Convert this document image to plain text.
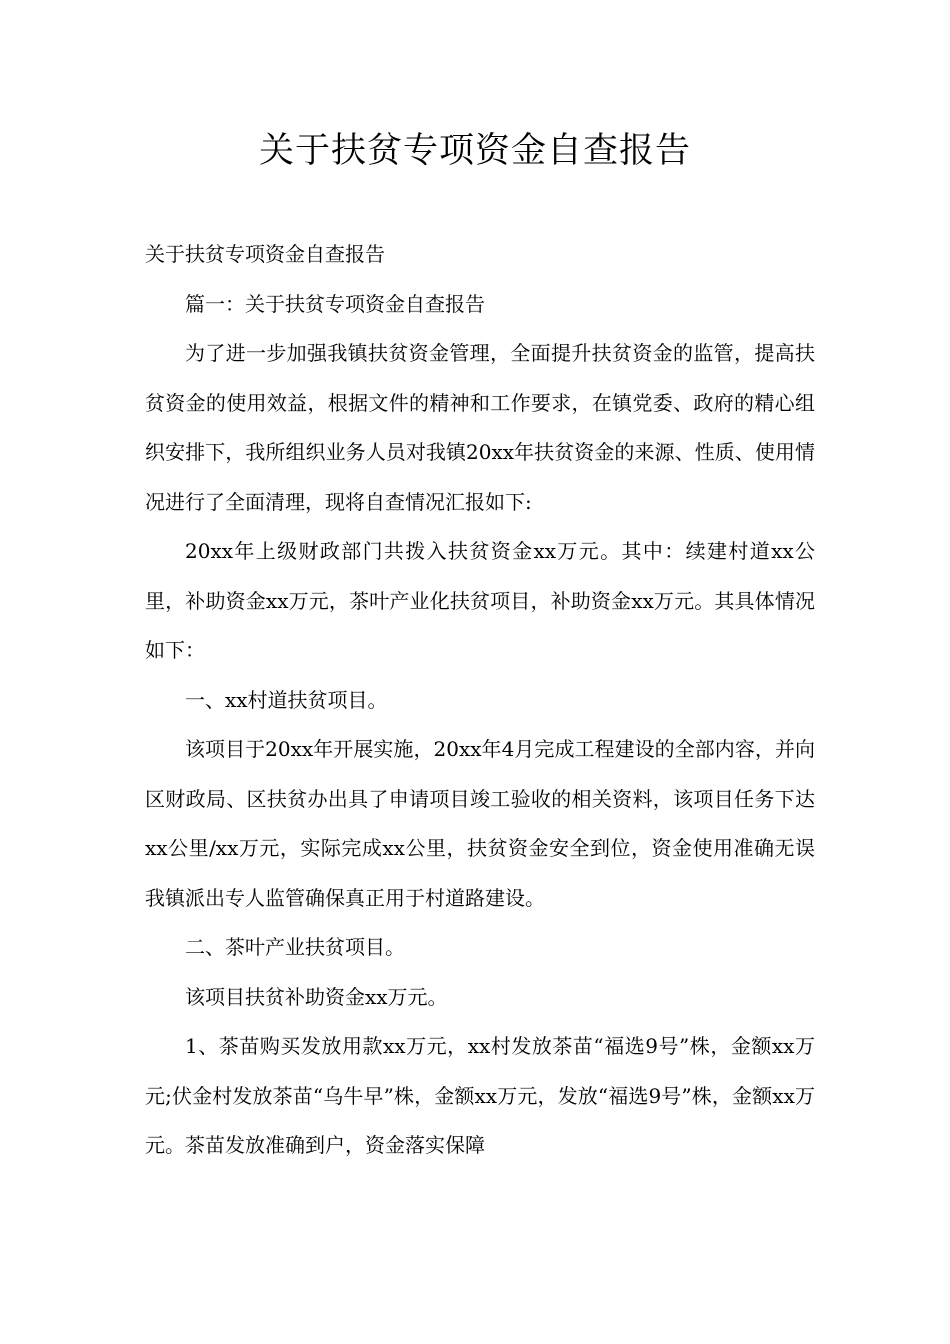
关于扶贫专项资金自查报告

关于扶贫专项资金自查报告

篇一：关于扶贫专项资金自查报告

为了进一步加强我镇扶贫资金管理，全面提升扶贫资金的监管，提高扶贫资金的使用效益，根据文件的精神和工作要求，在镇党委、政府的精心组织安排下，我所组织业务人员对我镇20xx年扶贫资金的来源、性质、使用情况进行了全面清理，现将自查情况汇报如下:

20xx年上级财政部门共拨入扶贫资金xx万元。其中：续建村道xx公里，补助资金xx万元，茶叶产业化扶贫项目，补助资金xx万元。其具体情况如下：

一、xx村道扶贫项目。

该项目于20xx年开展实施，20xx年4月完成工程建设的全部内容，并向区财政局、区扶贫办出具了申请项目竣工验收的相关资料，该项目任务下达xx公里/xx万元，实际完成xx公里，扶贫资金安全到位，资金使用准确无误我镇派出专人监管确保真正用于村道路建设。

二、茶叶产业扶贫项目。

该项目扶贫补助资金xx万元。

1、茶苗购买发放用款xx万元，xx村发放茶苗“福选9号”株，金额xx万元;伏金村发放茶苗“乌牛早”株，金额xx万元，发放“福选9号”株，金额xx万元。茶苗发放准确到户，资金落实保障
